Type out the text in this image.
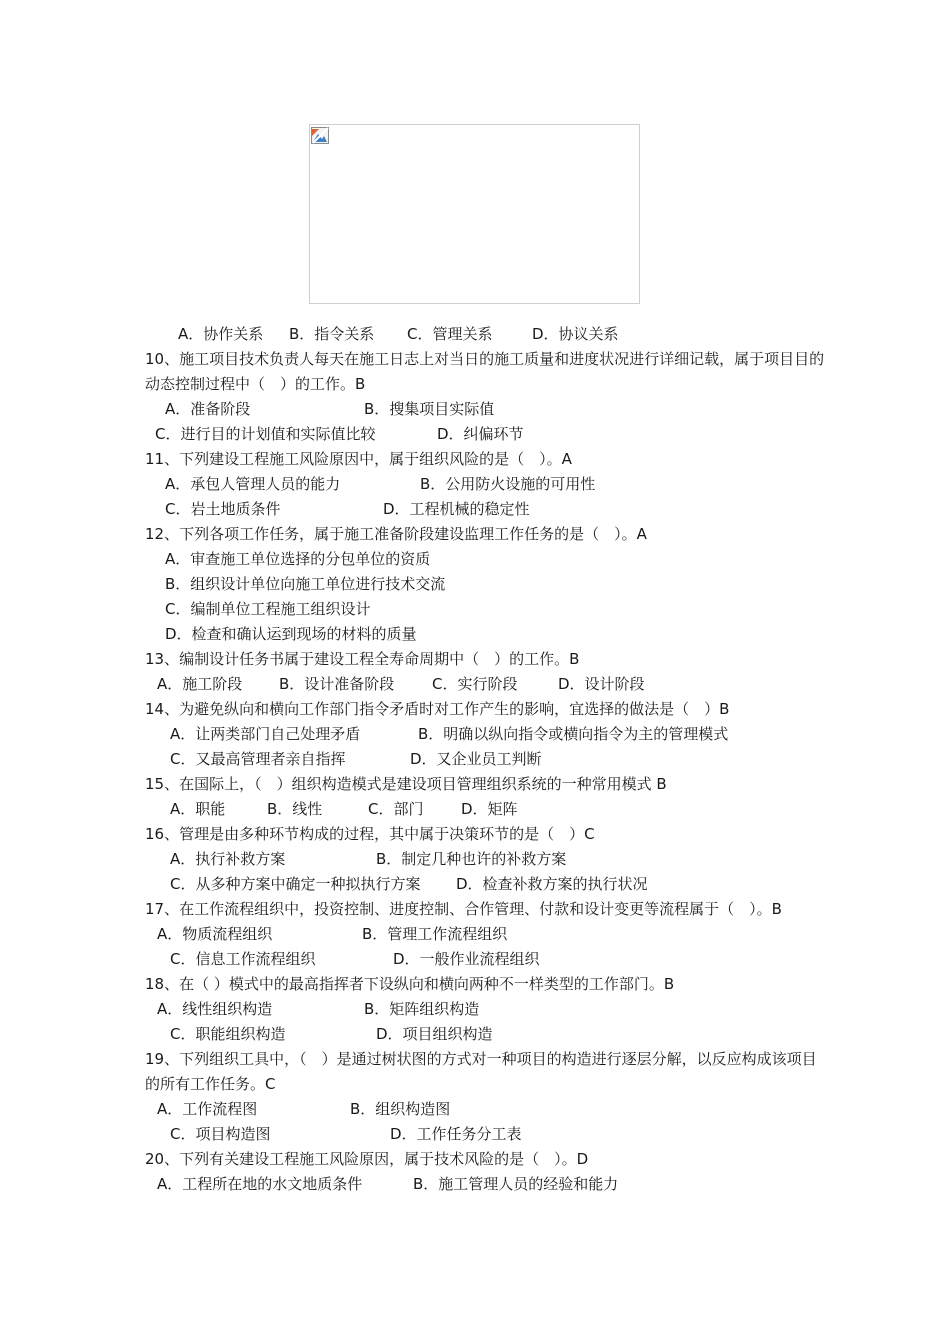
A．协作关系 B．指令关系 C．管理关系	D．协议关系
10、施工项目技术负责人每天在施工日志上对当日的施工质量和进度状况进行详细记载，属于项目目的动态控制过程中（　）的工作。B
A．准备阶段	B．搜集项目实际值
C．进行目的计划值和实际值比较	D．纠偏环节
11、下列建设工程施工风险原因中，属于组织风险的是（　）。A
A．承包人管理人员的能力	B．公用防火设施的可用性
C．岩土地质条件	D．工程机械的稳定性
12、下列各项工作任务，属于施工准备阶段建设监理工作任务的是（　）。A
A．审查施工单位选择的分包单位的资质
B．组织设计单位向施工单位进行技术交流
C．编制单位工程施工组织设计
D．检查和确认运到现场的材料的质量
13、编制设计任务书属于建设工程全寿命周期中（　）的工作。B
A．施工阶段 B．设计准备阶段	C．实行阶段	D．设计阶段
14、为避免纵向和横向工作部门指令矛盾时对工作产生的影响，宜选择的做法是（　）B
A．让两类部门自己处理矛盾	B．明确以纵向指令或横向指令为主的管理模式
C．又最高管理者亲自指挥	D．又企业员工判断
15、在国际上，（　）组织构造模式是建设项目管理组织系统的一种常用模式 B
A．职能	B．线性	C．部门	D．矩阵
16、管理是由多种环节构成的过程，其中属于决策环节的是（　）C
A．执行补救方案	B．制定几种也许的补救方案
C．从多种方案中确定一种拟执行方案 D．检查补救方案的执行状况
17、在工作流程组织中，投资控制、进度控制、合作管理、付款和设计变更等流程属于（　）。B
A．物质流程组织	B．管理工作流程组织
C．信息工作流程组织	D．一般作业流程组织
18、在（ ）模式中的最高指挥者下设纵向和横向两种不一样类型的工作部门。B
A．线性组织构造	B．矩阵组织构造
C．职能组织构造	D．项目组织构造
19、下列组织工具中，（　）是通过树状图的方式对一种项目的构造进行逐层分解，以反应构成该项目的所有工作任务。C
A．工作流程图	B．组织构造图
C．项目构造图	D．工作任务分工表
20、下列有关建设工程施工风险原因，属于技术风险的是（　）。D
A．工程所在地的水文地质条件	B．施工管理人员的经验和能力
